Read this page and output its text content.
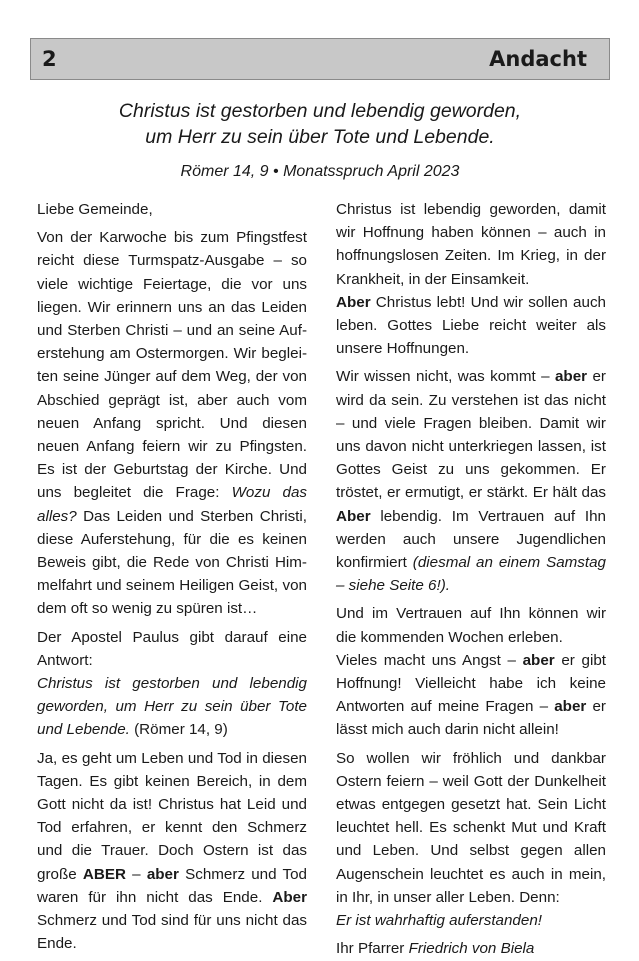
2	Andacht
Christus ist gestorben und lebendig geworden,
um Herr zu sein über Tote und Lebende.
Römer 14, 9 • Monatsspruch April 2023
Liebe Gemeinde,
Von der Karwoche bis zum Pfingstfest
reicht diese Turmspatz-Ausgabe – so
viele wichtige Feiertage, die vor uns
liegen. Wir erinnern uns an das Leiden
und Sterben Christi – und an seine Auf-
erstehung am Ostermorgen. Wir beglei-
ten seine Jünger auf dem Weg, der von
Abschied geprägt ist, aber auch vom
neuen Anfang spricht. Und diesen
neuen Anfang feiern wir zu Pfingsten.
Es ist der Geburtstag der Kirche. Und
uns begleitet die Frage: Wozu das
alles? Das Leiden und Sterben Christi,
diese Auferstehung, für die es keinen
Beweis gibt, die Rede von Christi Him-
melfahrt und seinem Heiligen Geist, von
dem oft so wenig zu spüren ist…
Der Apostel Paulus gibt darauf eine
Antwort:
Christus ist gestorben und lebendig
geworden, um Herr zu sein über Tote
und Lebende. (Römer 14, 9)
Ja, es geht um Leben und Tod in diesen
Tagen. Es gibt keinen Bereich, in dem
Gott nicht da ist! Christus hat Leid und
Tod erfahren, er kennt den Schmerz
und die Trauer. Doch Ostern ist das
große ABER – aber Schmerz und Tod
waren für ihn nicht das Ende. Aber
Schmerz und Tod sind für uns nicht das
Ende.
Christus ist lebendig geworden, damit
wir Hoffnung haben können – auch in
hoffnungslosen Zeiten. Im Krieg, in der
Krankheit, in der Einsamkeit.
Aber Christus lebt! Und wir sollen auch
leben. Gottes Liebe reicht weiter als
unsere Hoffnungen.
Wir wissen nicht, was kommt – aber er
wird da sein. Zu verstehen ist das nicht
– und viele Fragen bleiben. Damit wir
uns davon nicht unterkriegen lassen, ist
Gottes Geist zu uns gekommen. Er
tröstet, er ermutigt, er stärkt. Er hält das
Aber lebendig. Im Vertrauen auf Ihn
werden auch unsere Jugendlichen
konfirmiert (diesmal an einem Samstag
– siehe Seite 6!).
Und im Vertrauen auf Ihn können wir
die kommenden Wochen erleben.
Vieles macht uns Angst – aber er gibt
Hoffnung! Vielleicht habe ich keine
Antworten auf meine Fragen – aber er
lässt mich auch darin nicht allein!
So wollen wir fröhlich und dankbar
Ostern feiern – weil Gott der Dunkelheit
etwas entgegen gesetzt hat. Sein Licht
leuchtet hell. Es schenkt Mut und Kraft
und Leben. Und selbst gegen allen
Augenschein leuchtet es auch in mein,
in Ihr, in unser aller Leben. Denn:
Er ist wahrhaftig auferstanden!
Ihr Pfarrer Friedrich von Biela
